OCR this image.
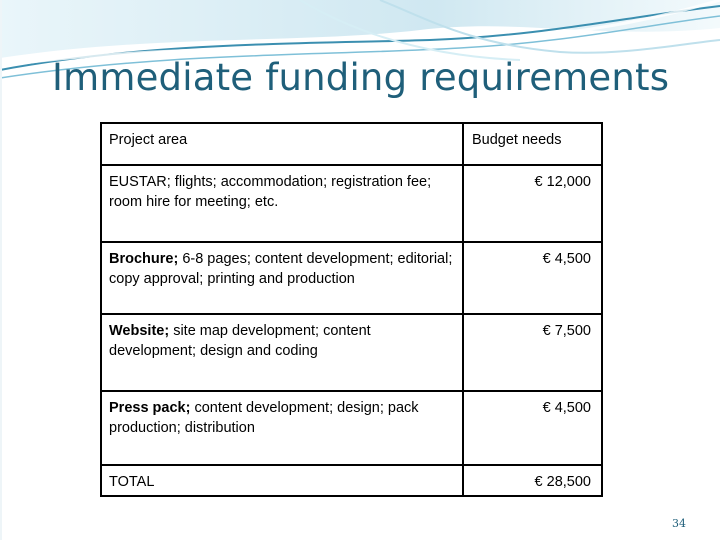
Immediate funding requirements
Project area	Budget needs

EUSTAR; flights; accommodation; registration fee; room hire for meeting; etc.	€ 12,000

Brochure; 6-8 pages; content development; editorial; copy approval; printing and production	€ 4,500

Website; site map development; content development; design and coding	€ 7,500

Press pack; content development; design; pack production; distribution	€ 4,500

TOTAL	€ 28,500
34
